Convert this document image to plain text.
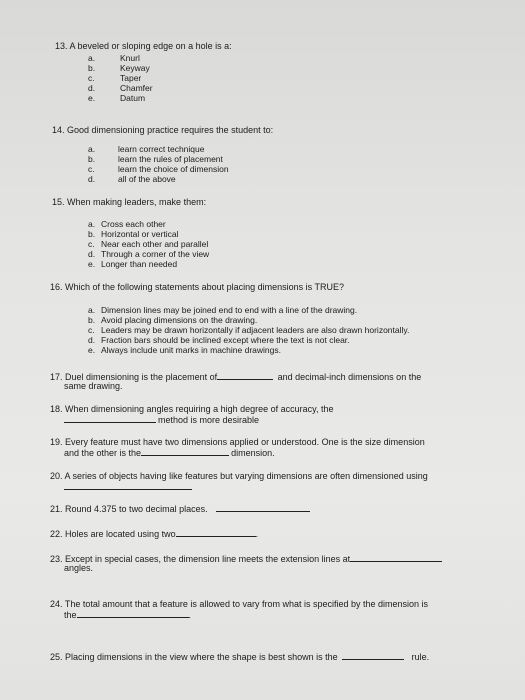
13. A beveled or sloping edge on a hole is a:
a.	Knurl
b.	Keyway
c.	Taper
d.	Chamfer
e.	Datum
14. Good dimensioning practice requires the student to:
a.	learn correct technique
b.	learn the rules of placement
c.	learn the choice of dimension
d.	all of the above
15. When making leaders, make them:
a. Cross each other
b. Horizontal or vertical
c. Near each other and parallel
d. Through a corner of the view
e. Longer than needed
16. Which of the following statements about placing dimensions is TRUE?
a. Dimension lines may be joined end to end with a line of the drawing.
b. Avoid placing dimensions on the drawing.
c. Leaders may be drawn horizontally if adjacent leaders are also drawn horizontally.
d. Fraction bars should be inclined except where the text is not clear.
e. Always include unit marks in machine drawings.
17. Duel dimensioning is the placement of	and decimal-inch dimensions on the
same drawing.
18. When dimensioning angles requiring a high degree of accuracy, the
method is more desirable
19. Every feature must have two dimensions applied or understood. One is the size dimension
and the other is the	dimension.
20. A series of objects having like features but varying dimensions are often dimensioned using
21. Round 4.375 to two decimal places.
22. Holes are located using two	.
23. Except in special cases, the dimension line meets the extension lines at
angles.
24. The total amount that a feature is allowed to vary from what is specified by the dimension is
the	.
25. Placing dimensions in the view where the shape is best shown is the	rule.
